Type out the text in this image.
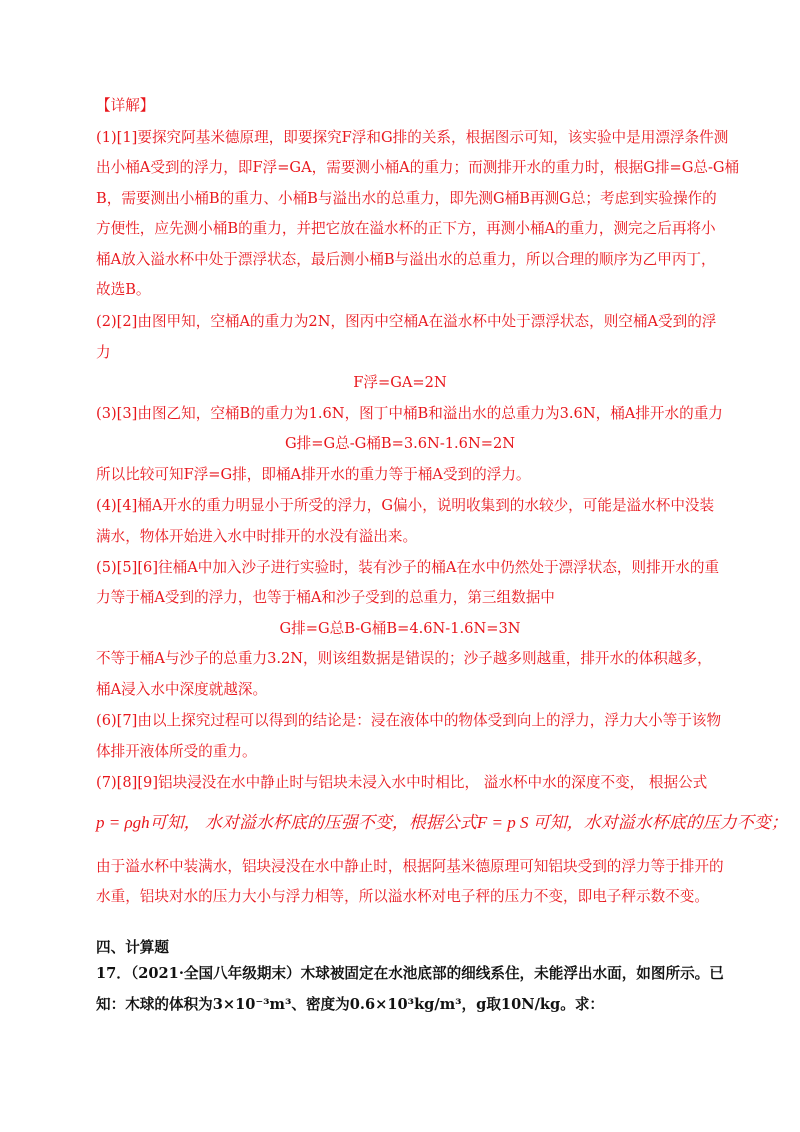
【详解】
(1)[1]要探究阿基米德原理，即要探究F浮和G排的关系，根据图示可知，该实验中是用漂浮条件测
出小桶A受到的浮力，即F浮=GA，需要测小桶A的重力；而测排开水的重力时，根据G排=G总-G桶
B，需要测出小桶B的重力、小桶B与溢出水的总重力，即先测G桶B再测G总；考虑到实验操作的
方便性，应先测小桶B的重力，并把它放在溢水杯的正下方，再测小桶A的重力，测完之后再将小
桶A放入溢水杯中处于漂浮状态，最后测小桶B与溢出水的总重力，所以合理的顺序为乙甲丙丁，
故选B。
(2)[2]由图甲知，空桶A的重力为2N，图丙中空桶A在溢水杯中处于漂浮状态，则空桶A受到的浮
力
F浮=GA=2N
(3)[3]由图乙知，空桶B的重力为1.6N，图丁中桶B和溢出水的总重力为3.6N，桶A排开水的重力
G排=G总-G桶B=3.6N-1.6N=2N
所以比较可知F浮=G排，即桶A排开水的重力等于桶A受到的浮力。
(4)[4]桶A开水的重力明显小于所受的浮力，G偏小，说明收集到的水较少，可能是溢水杯中没装
满水，物体开始进入水中时排开的水没有溢出来。
(5)[5][6]往桶A中加入沙子进行实验时，装有沙子的桶A在水中仍然处于漂浮状态，则排开水的重
力等于桶A受到的浮力，也等于桶A和沙子受到的总重力，第三组数据中
G排=G总B-G桶B=4.6N-1.6N=3N
不等于桶A与沙子的总重力3.2N，则该组数据是错误的；沙子越多则越重，排开水的体积越多，
桶A浸入水中深度就越深。
(6)[7]由以上探究过程可以得到的结论是：浸在液体中的物体受到向上的浮力，浮力大小等于该物
体排开液体所受的重力。
(7)[8][9]铝块浸没在水中静止时与铝块未浸入水中时相比， 溢水杯中水的深度不变， 根据公式
p = ρgh可知， 水对溢水杯底的压强不变，根据公式F = p S 可知，水对溢水杯底的压力不变；
由于溢水杯中装满水，铝块浸没在水中静止时，根据阿基米德原理可知铝块受到的浮力等于排开的
水重，铝块对水的压力大小与浮力相等，所以溢水杯对电子秤的压力不变，即电子秤示数不变。
四、计算题
17．（2021·全国八年级期末）木球被固定在水池底部的细线系住，未能浮出水面，如图所示。已
知：木球的体积为3×10⁻³m³、密度为0.6×10³kg/m³，g取10N/kg。求：
